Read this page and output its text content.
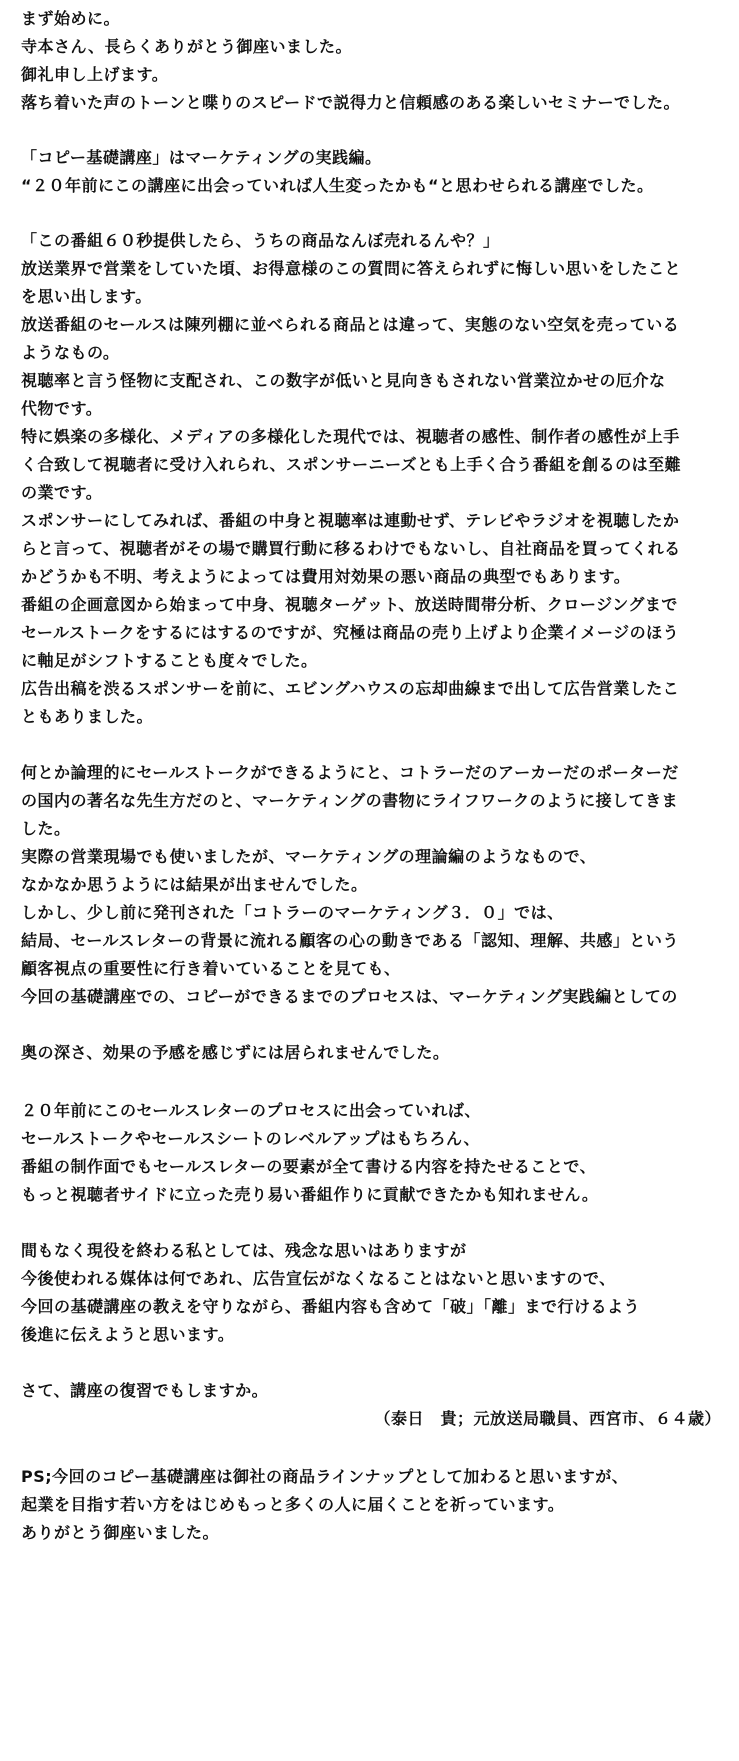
まず始めに。
寺本さん、長らくありがとう御座いました。
御礼申し上げます。
落ち着いた声のトーンと喋りのスピードで説得力と信頼感のある楽しいセミナーでした。
「コピー基礎講座」はマーケティングの実践編。
“２０年前にこの講座に出会っていれば人生変ったかも“と思わせられる講座でした。
「この番組６０秒提供したら、うちの商品なんぼ売れるんや？」
放送業界で営業をしていた頃、お得意様のこの質問に答えられずに悔しい思いをしたこと
を思い出します。
放送番組のセールスは陳列棚に並べられる商品とは違って、実態のない空気を売っている
ようなもの。
視聴率と言う怪物に支配され、この数字が低いと見向きもされない営業泣かせの厄介な
代物です。
特に娯楽の多様化、メディアの多様化した現代では、視聴者の感性、制作者の感性が上手
く合致して視聴者に受け入れられ、スポンサーニーズとも上手く合う番組を創るのは至難
の業です。
スポンサーにしてみれば、番組の中身と視聴率は連動せず、テレビやラジオを視聴したか
らと言って、視聴者がその場で購買行動に移るわけでもないし、自社商品を買ってくれる
かどうかも不明、考えようによっては費用対効果の悪い商品の典型でもあります。
番組の企画意図から始まって中身、視聴ターゲット、放送時間帯分析、クロージングまで
セールストークをするにはするのですが、究極は商品の売り上げより企業イメージのほう
に軸足がシフトすることも度々でした。
広告出稿を渋るスポンサーを前に、エビングハウスの忘却曲線まで出して広告営業したこ
ともありました。
何とか論理的にセールストークができるようにと、コトラーだのアーカーだのポーターだ
の国内の著名な先生方だのと、マーケティングの書物にライフワークのように接してきま
した。
実際の営業現場でも使いましたが、マーケティングの理論編のようなもので、
なかなか思うようには結果が出ませんでした。
しかし、少し前に発刊された「コトラーのマーケティング３．０」では、
結局、セールスレターの背景に流れる顧客の心の動きである「認知、理解、共感」という
顧客視点の重要性に行き着いていることを見ても、
今回の基礎講座での、コピーができるまでのプロセスは、マーケティング実践編としての
奥の深さ、効果の予感を感じずには居られませんでした。
２０年前にこのセールスレターのプロセスに出会っていれば、
セールストークやセールスシートのレベルアップはもちろん、
番組の制作面でもセールスレターの要素が全て書ける内容を持たせることで、
もっと視聴者サイドに立った売り易い番組作りに貢献できたかも知れません。
間もなく現役を終わる私としては、残念な思いはありますが
今後使われる媒体は何であれ、広告宣伝がなくなることはないと思いますので、
今回の基礎講座の教えを守りながら、番組内容も含めて「破」「離」まで行けるよう
後進に伝えようと思います。
さて、講座の復習でもしますか。
（泰日　貴；元放送局職員、西宮市、６４歳）
PS;今回のコピー基礎講座は御社の商品ラインナップとして加わると思いますが、
起業を目指す若い方をはじめもっと多くの人に届くことを祈っています。
ありがとう御座いました。
